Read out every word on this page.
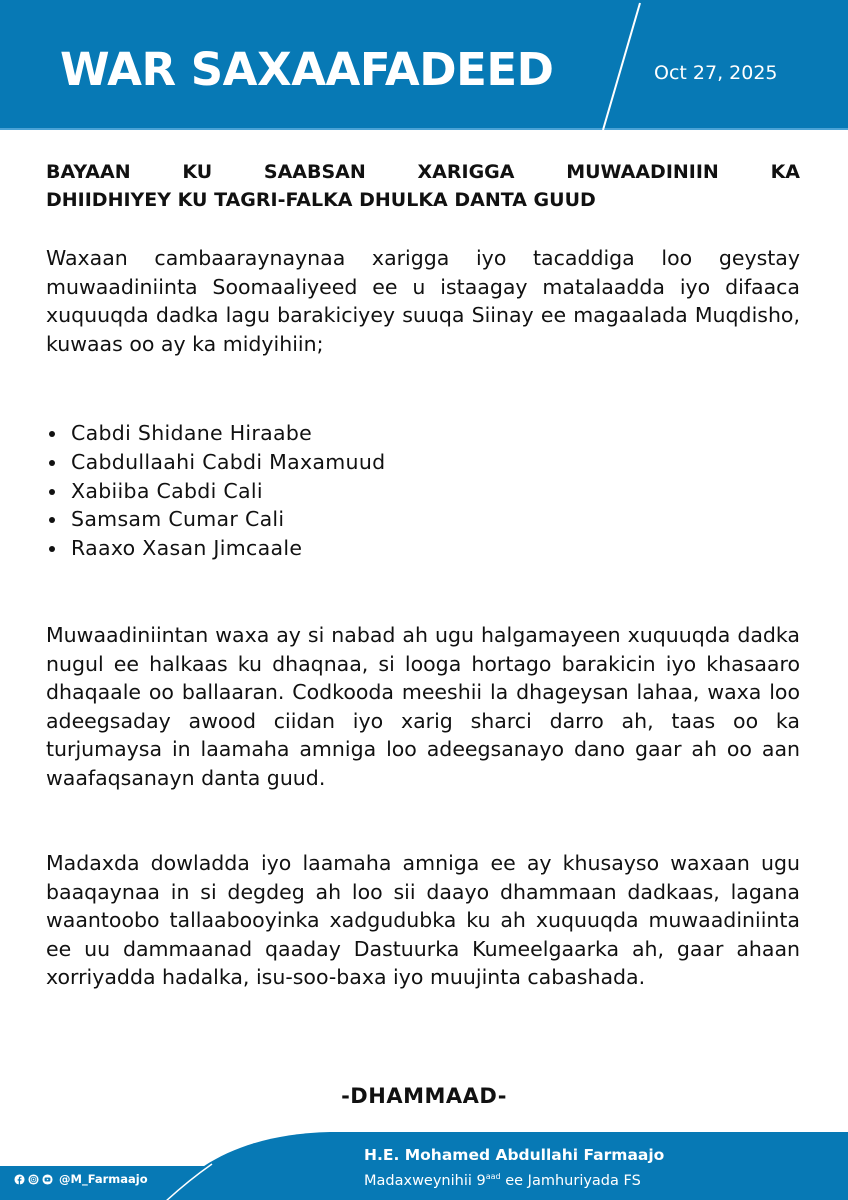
WAR SAXAAFADEED	Oct 27, 2025
BAYAAN KU SAABSAN XARIGGA MUWAADINIIN KA
DHIIDHIYEY KU TAGRI-FALKA DHULKA DANTA GUUD

Waxaan cambaaraynaynaa xarigga iyo tacaddiga loo geystay muwaadiniinta Soomaaliyeed ee u istaagay matalaadda iyo difaaca xuquuqda dadka lagu barakiciyey suuqa Siinay ee magaalada Muqdisho, kuwaas oo ay ka midyihiin;

Cabdi Shidane Hiraabe
Cabdullaahi Cabdi Maxamuud
Xabiiba Cabdi Cali
Samsam Cumar Cali
Raaxo Xasan Jimcaale

Muwaadiniintan waxa ay si nabad ah ugu halgamayeen xuquuqda dadka nugul ee halkaas ku dhaqnaa, si looga hortago barakicin iyo khasaaro dhaqaale oo ballaaran. Codkooda meeshii la dhageysan lahaa, waxa loo adeegsaday awood ciidan iyo xarig sharci darro ah, taas oo ka turjumaysa in laamaha amniga loo adeegsanayo dano gaar ah oo aan waafaqsanayn danta guud.

Madaxda dowladda iyo laamaha amniga ee ay khusayso waxaan ugu baaqaynaa in si degdeg ah loo sii daayo dhammaan dadkaas, lagana waantoobo tallaabooyinka xadgudubka ku ah xuquuqda muwaadiniinta ee uu dammaanad qaaday Dastuurka Kumeelgaarka ah, gaar ahaan xorriyadda hadalka, isu-soo-baxa iyo muujinta cabashada.

-DHAMMAAD-
@M_Farmaajo
H.E. Mohamed Abdullahi Farmaajo
Madaxweynihii $9^{aad}$ ee Jamhuriyada FS
